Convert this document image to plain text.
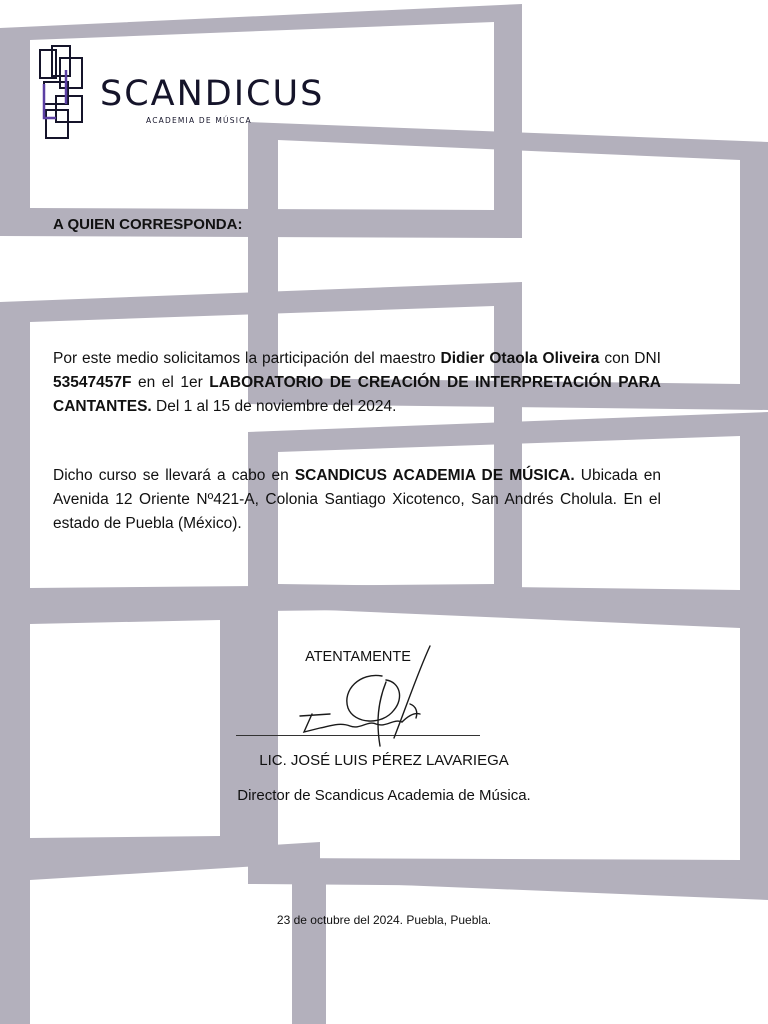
SCANDICUS
ACADEMIA DE MÚSICA
A QUIEN CORRESPONDA:
Por este medio solicitamos la participación del maestro Didier Otaola Oliveira con DNI 53547457F en el 1er LABORATORIO DE CREACIÓN DE INTERPRETACIÓN PARA CANTANTES. Del 1 al 15 de noviembre del 2024.
Dicho curso se llevará a cabo en SCANDICUS ACADEMIA DE MÚSICA. Ubicada en Avenida 12 Oriente Nº421-A, Colonia Santiago Xicotenco, San Andrés Cholula. En el estado de Puebla (México).
ATENTAMENTE
LIC. JOSÉ LUIS PÉREZ LAVARIEGA
Director de Scandicus Academia de Música.
23 de octubre del 2024. Puebla, Puebla.
